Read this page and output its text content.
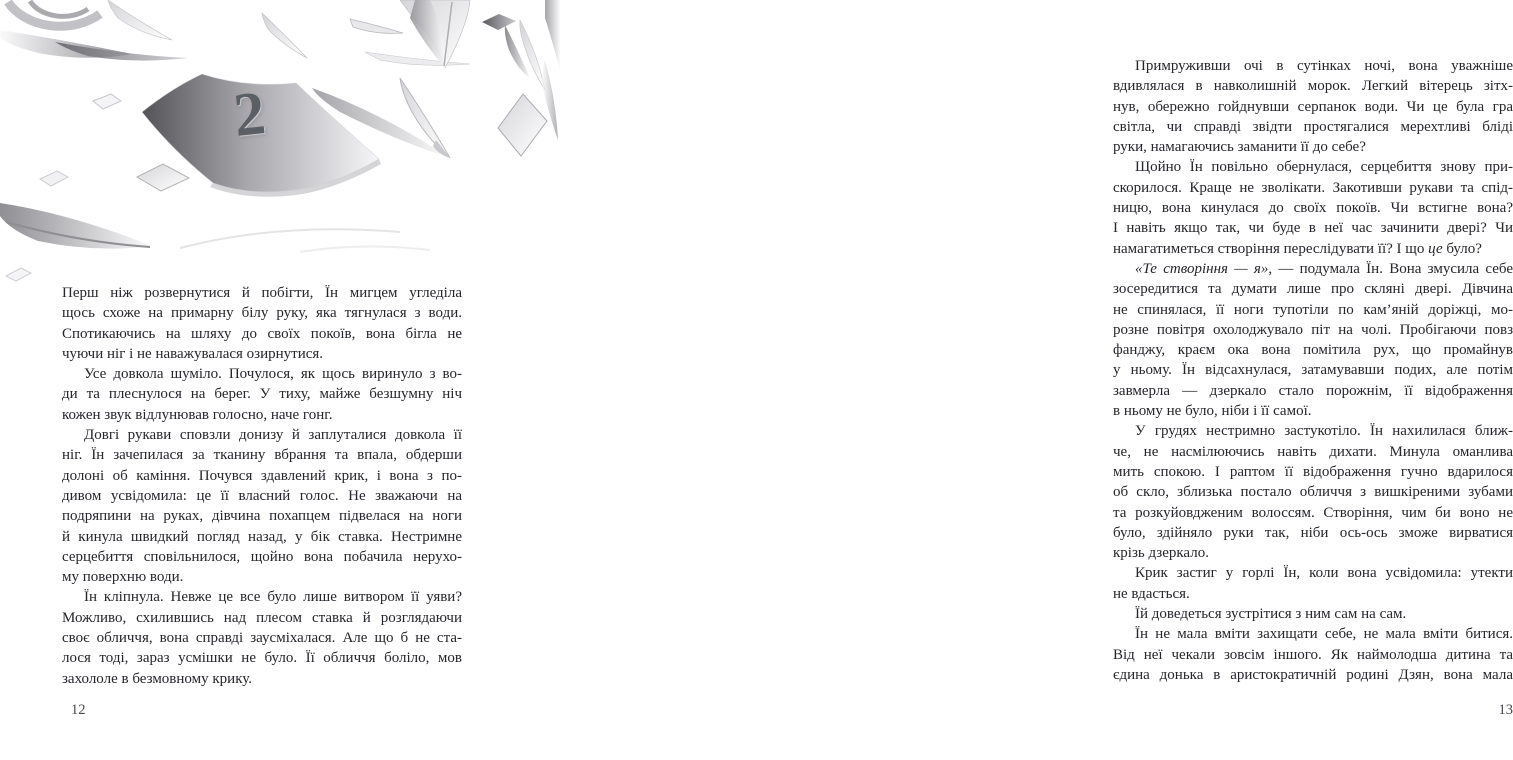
2
Перш ніж розвернутися й побігти, Їн мигцем угледіла
щось схоже на примарну білу руку, яка тягнулася з води.
Спотикаючись на шляху до своїх покоїв, вона бігла не
чуючи ніг і не наважувалася озирнутися.
Усе довкола шуміло. Почулося, як щось виринуло з во-
ди та плеснулося на берег. У тиху, майже безшумну ніч
кожен звук відлунював голосно, наче гонг.
Довгі рукави сповзли донизу й заплуталися довкола її
ніг. Їн зачепилася за тканину вбрання та впала, обдерши
долоні об каміння. Почувся здавлений крик, і вона з по-
дивом усвідомила: це її власний голос. Не зважаючи на
подряпини на руках, дівчина похапцем підвелася на ноги
й кинула швидкий погляд назад, у бік ставка. Нестримне
серцебиття сповільнилося, щойно вона побачила нерухо-
му поверхню води.
Їн кліпнула. Невже це все було лише витвором її уяви?
Можливо, схилившись над плесом ставка й розглядаючи
своє обличчя, вона справді заусміхалася. Але що б не ста-
лося тоді, зараз усмішки не було. Її обличчя боліло, мов
захололе в безмовному крику.
12
Примруживши очі в сутінках ночі, вона уважніше
вдивлялася в навколишній морок. Легкий вітерець зітх-
нув, обережно гойднувши серпанок води. Чи це була гра
світла, чи справді звідти простягалися мерехтливі бліді
руки, намагаючись заманити її до себе?
Щойно Їн повільно обернулася, серцебиття знову при-
скорилося. Краще не зволікати. Закотивши рукави та спід-
ницю, вона кинулася до своїх покоїв. Чи встигне вона?
І навіть якщо так, чи буде в неї час зачинити двері? Чи
намагатиметься створіння переслідувати її? І що це було?
«Те створіння — я», — подумала Їн. Вона змусила себе
зосередитися та думати лише про скляні двері. Дівчина
не спинялася, її ноги тупотіли по кам’яній доріжці, мо-
розне повітря охолоджувало піт на чолі. Пробігаючи повз
фанджу, краєм ока вона помітила рух, що промайнув
у ньому. Їн відсахнулася, затамувавши подих, але потім
завмерла — дзеркало стало порожнім, її відображення
в ньому не було, ніби і її самої.
У грудях нестримно застукотіло. Їн нахилилася ближ-
че, не насмілюючись навіть дихати. Минула оманлива
мить спокою. І раптом її відображення гучно вдарилося
об скло, зблизька постало обличчя з вишкіреними зубами
та розкуйовдженим волоссям. Створіння, чим би воно не
було, здійняло руки так, ніби ось-ось зможе вирватися
крізь дзеркало.
Крик застиг у горлі Їн, коли вона усвідомила: утекти
не вдасться.
Їй доведеться зустрітися з ним сам на сам.
Їн не мала вміти захищати себе, не мала вміти битися.
Від неї чекали зовсім іншого. Як наймолодша дитина та
єдина донька в аристократичній родині Дзян, вона мала
13
